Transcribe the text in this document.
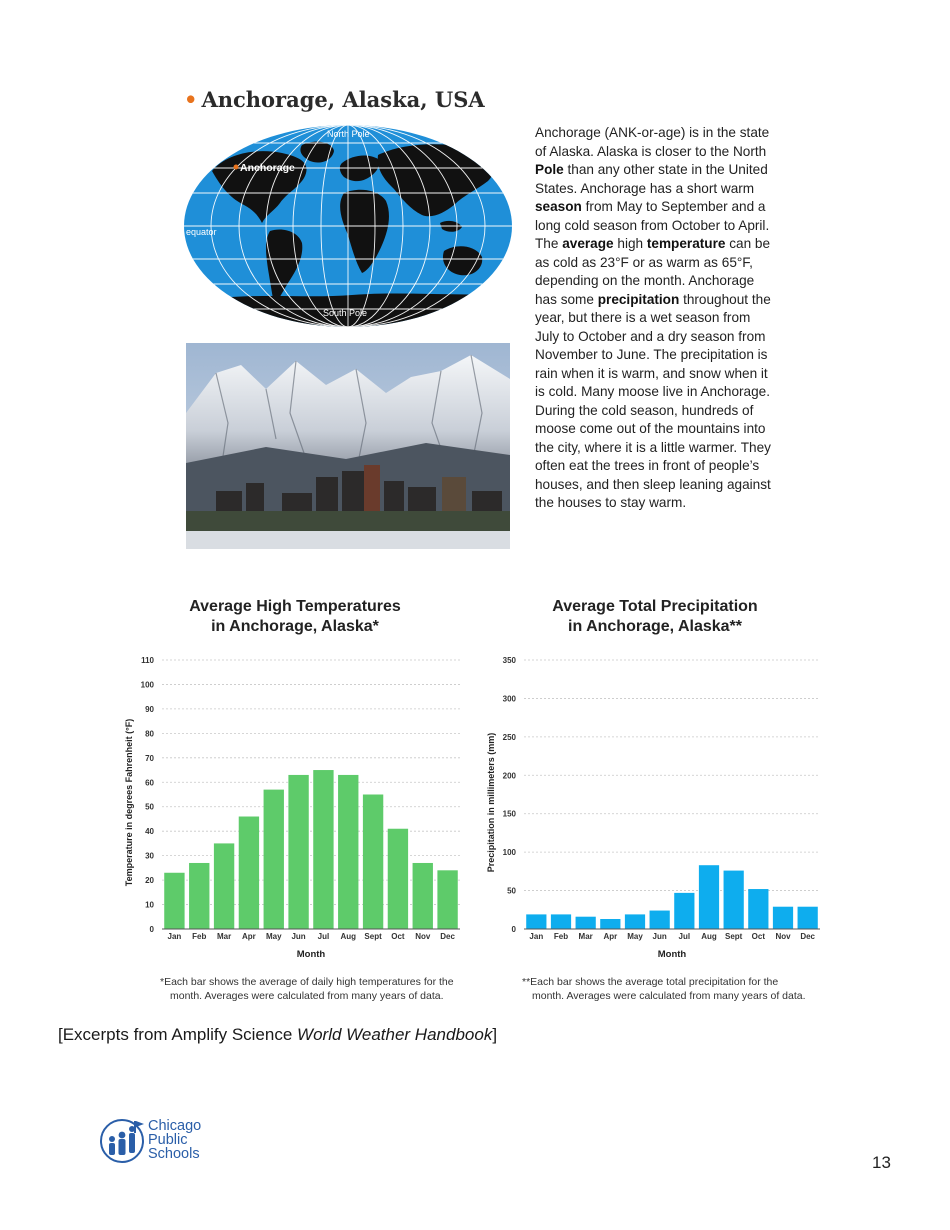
• Anchorage, Alaska, USA
North Pole
Anchorage
equator
South Pole
Anchorage (ANK-or-age) is in the state of Alaska. Alaska is closer to the North Pole than any other state in the United States. Anchorage has a short warm season from May to September and a long cold season from October to April. The average high temperature can be as cold as 23°F or as warm as 65°F, depending on the month. Anchorage has some precipitation throughout the year, but there is a wet season from July to October and a dry season from November to June. The precipitation is rain when it is warm, and snow when it is cold. Many moose live in Anchorage. During the cold season, hundreds of moose come out of the mountains into the city, where it is a little warmer. They often eat the trees in front of people’s houses, and then sleep leaning against the houses to stay warm.
Average High Temperatures
in Anchorage, Alaska*
Average Total Precipitation
in Anchorage, Alaska**
0
10
20
30
40
50
60
70
80
90
100
110
Jan Feb Mar Apr May Jun Jul Aug Sept Oct Nov Dec
Month
Temperature in degrees Fahrenheit (°F)
0
50
100
150
200
250
300
350
Jan Feb Mar Apr May Jun Jul Aug Sept Oct Nov Dec
Month
Precipitation in millimeters (mm)
*Each bar shows the average of daily high temperatures for the
month. Averages were calculated from many years of data.
**Each bar shows the average total precipitation for the
month. Averages were calculated from many years of data.
[Excerpts from Amplify Science World Weather Handbook]
Chicago
Public
Schools	13
